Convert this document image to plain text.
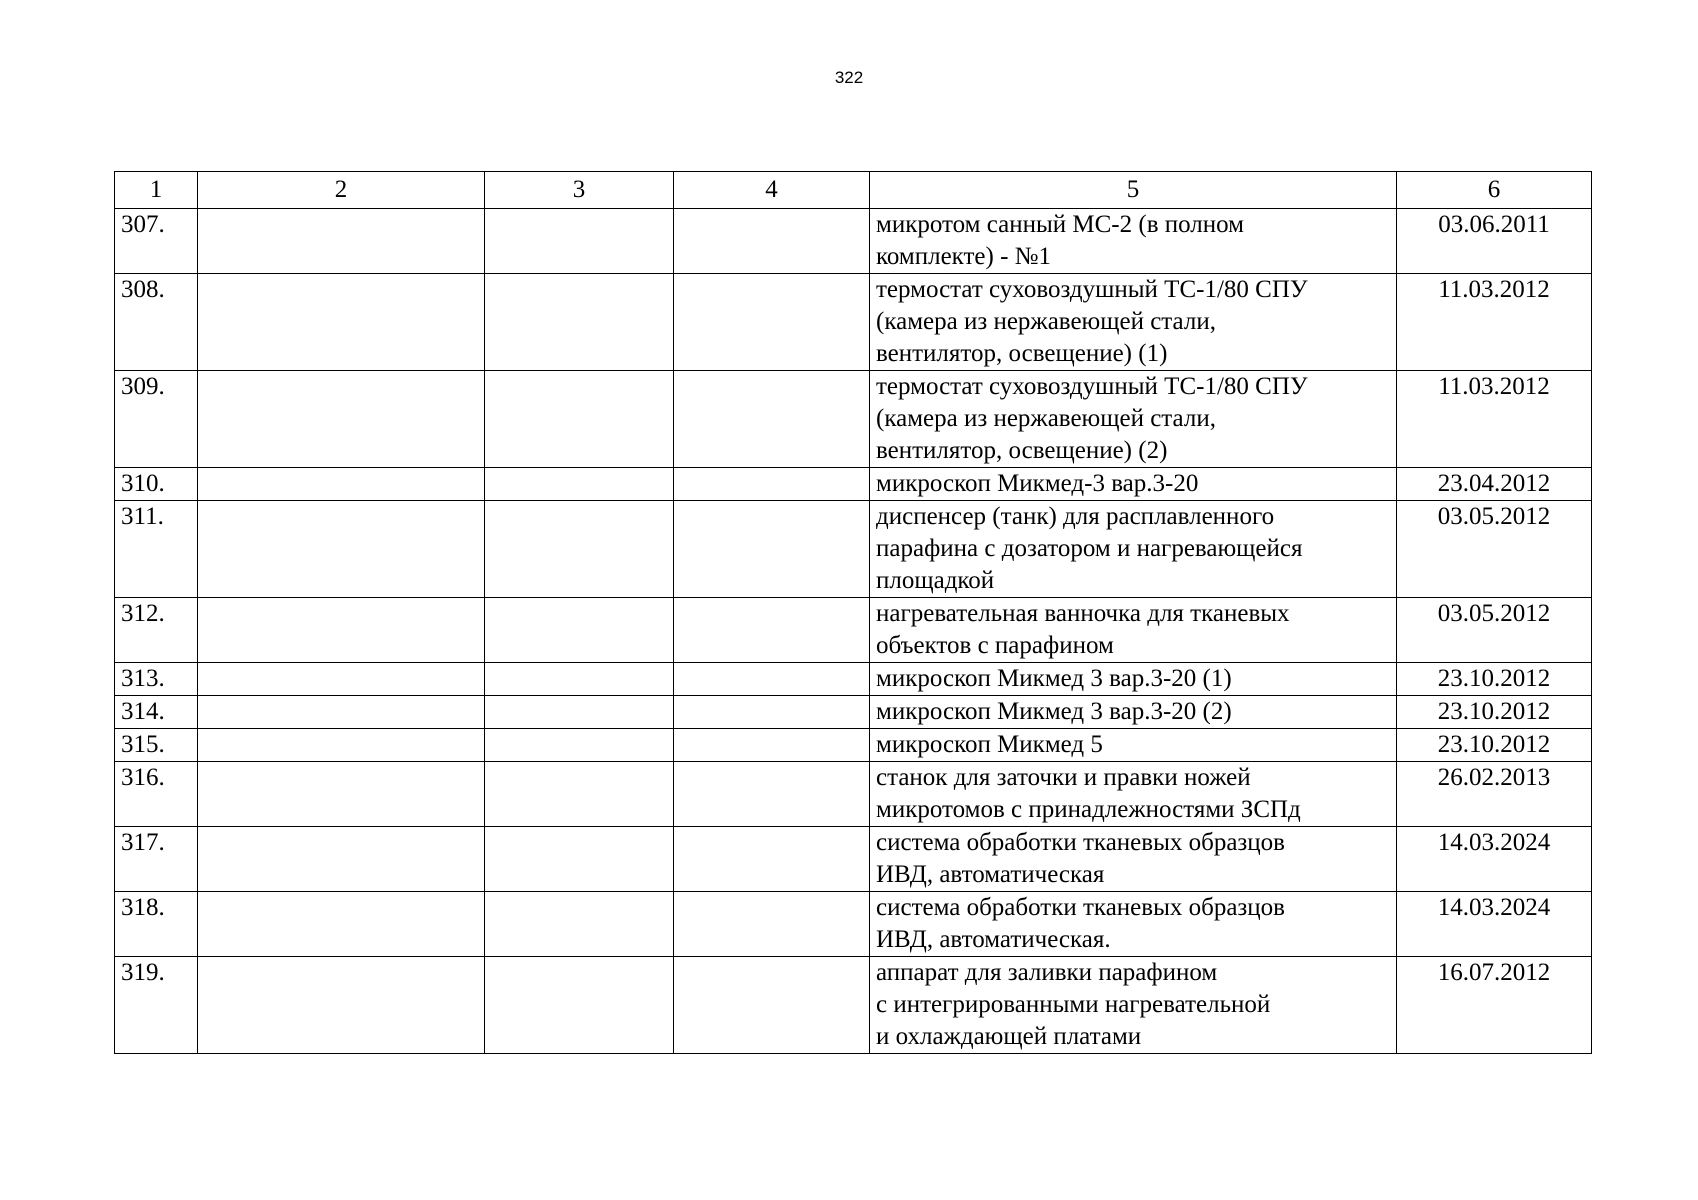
322
1	2	3	4	5	6
307.				микротом санный МС-2 (в полном
комплекте) - №1	03.06.2011
308.				термостат суховоздушный ТС-1/80 СПУ
(камера из нержавеющей стали,
вентилятор, освещение) (1)	11.03.2012
309.				термостат суховоздушный ТС-1/80 СПУ
(камера из нержавеющей стали,
вентилятор, освещение) (2)	11.03.2012
310.				микроскоп Микмед-3 вар.3-20	23.04.2012
311.				диспенсер (танк) для расплавленного
парафина с дозатором и нагревающейся
площадкой	03.05.2012
312.				нагревательная ванночка для тканевых
объектов с парафином	03.05.2012
313.				микроскоп Микмед 3 вар.3-20 (1)	23.10.2012
314.				микроскоп Микмед 3 вар.3-20 (2)	23.10.2012
315.				микроскоп Микмед 5	23.10.2012
316.				станок для заточки и правки ножей
микротомов с принадлежностями ЗСПд	26.02.2013
317.				система обработки тканевых образцов
ИВД, автоматическая	14.03.2024
318.				система обработки тканевых образцов
ИВД, автоматическая.	14.03.2024
319.				аппарат для заливки парафином
с интегрированными нагревательной
и охлаждающей платами	16.07.2012
